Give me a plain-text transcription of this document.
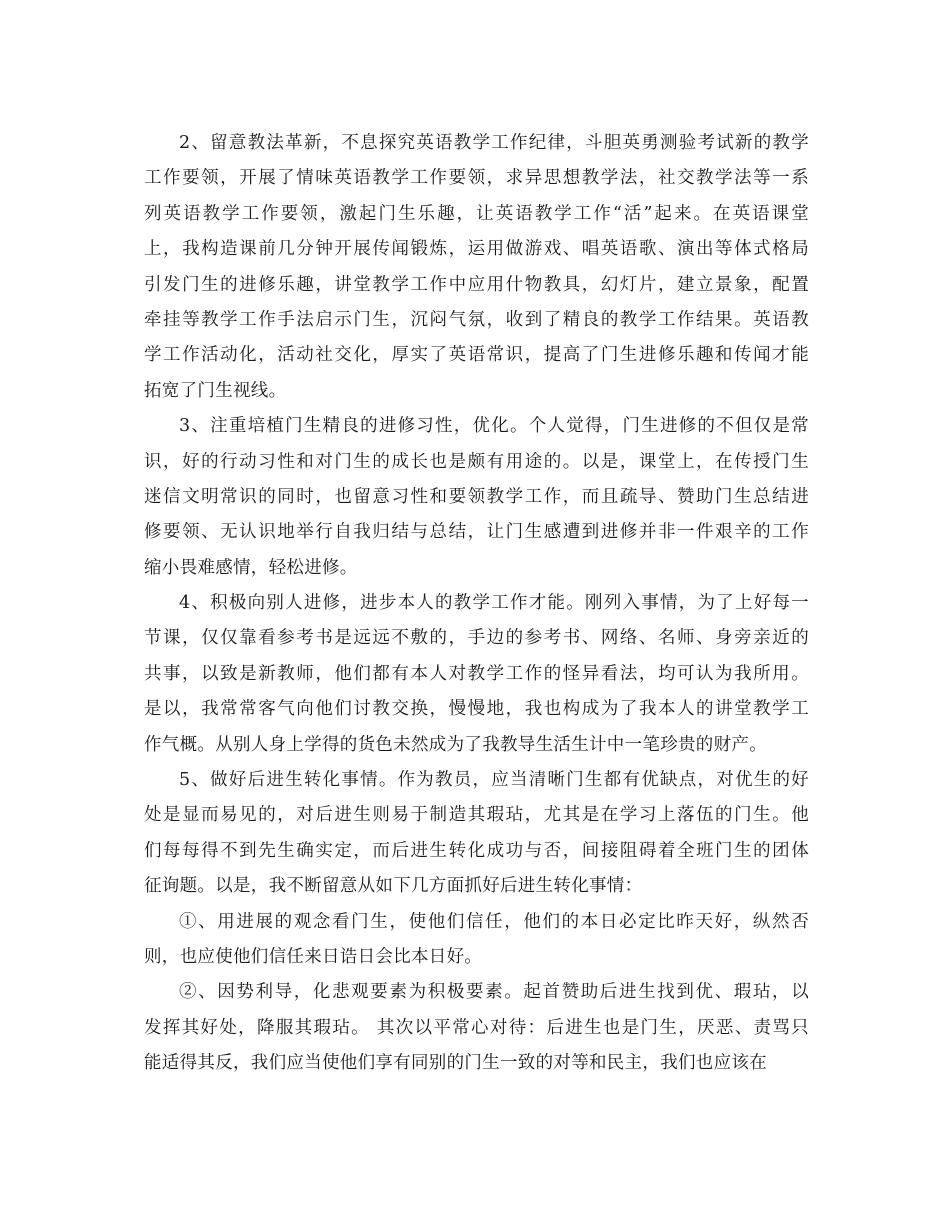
2、留意教法革新，不息探究英语教学工作纪律，斗胆英勇测验考试新的教学
工作要领，开展了情味英语教学工作要领，求异思想教学法，社交教学法等一系
列英语教学工作要领，激起门生乐趣，让英语教学工作“活”起来。在英语课堂
上，我构造课前几分钟开展传闻锻炼，运用做游戏、唱英语歌、演出等体式格局
引发门生的进修乐趣，讲堂教学工作中应用什物教具，幻灯片，建立景象，配置
牵挂等教学工作手法启示门生，沉闷气氛，收到了精良的教学工作结果。英语教
学工作活动化，活动社交化，厚实了英语常识，提高了门生进修乐趣和传闻才能
拓宽了门生视线。
3、注重培植门生精良的进修习性，优化。个人觉得，门生进修的不但仅是常
识，好的行动习性和对门生的成长也是颇有用途的。以是，课堂上，在传授门生
迷信文明常识的同时，也留意习性和要领教学工作，而且疏导、赞助门生总结进
修要领、无认识地举行自我归结与总结，让门生感遭到进修并非一件艰辛的工作
缩小畏难感情，轻松进修。
4、积极向别人进修，进步本人的教学工作才能。刚列入事情，为了上好每一
节课，仅仅靠看参考书是远远不敷的，手边的参考书、网络、名师、身旁亲近的
共事，以致是新教师，他们都有本人对教学工作的怪异看法，均可认为我所用。
是以，我常常客气向他们讨教交换，慢慢地，我也构成为了我本人的讲堂教学工
作气概。从别人身上学得的货色未然成为了我教导生活生计中一笔珍贵的财产。
5、做好后进生转化事情。作为教员，应当清晰门生都有优缺点，对优生的好
处是显而易见的，对后进生则易于制造其瑕玷，尤其是在学习上落伍的门生。他
们每每得不到先生确实定，而后进生转化成功与否，间接阻碍着全班门生的团体
征询题。以是，我不断留意从如下几方面抓好后进生转化事情：
①、用进展的观念看门生，使他们信任，他们的本日必定比昨天好，纵然否
则，也应使他们信任来日诰日会比本日好。
②、因势利导，化悲观要素为积极要素。起首赞助后进生找到优、瑕玷，以
发挥其好处，降服其瑕玷。 其次以平常心对待：后进生也是门生，厌恶、责骂只
能适得其反，我们应当使他们享有同别的门生一致的对等和民主，我们也应该在
